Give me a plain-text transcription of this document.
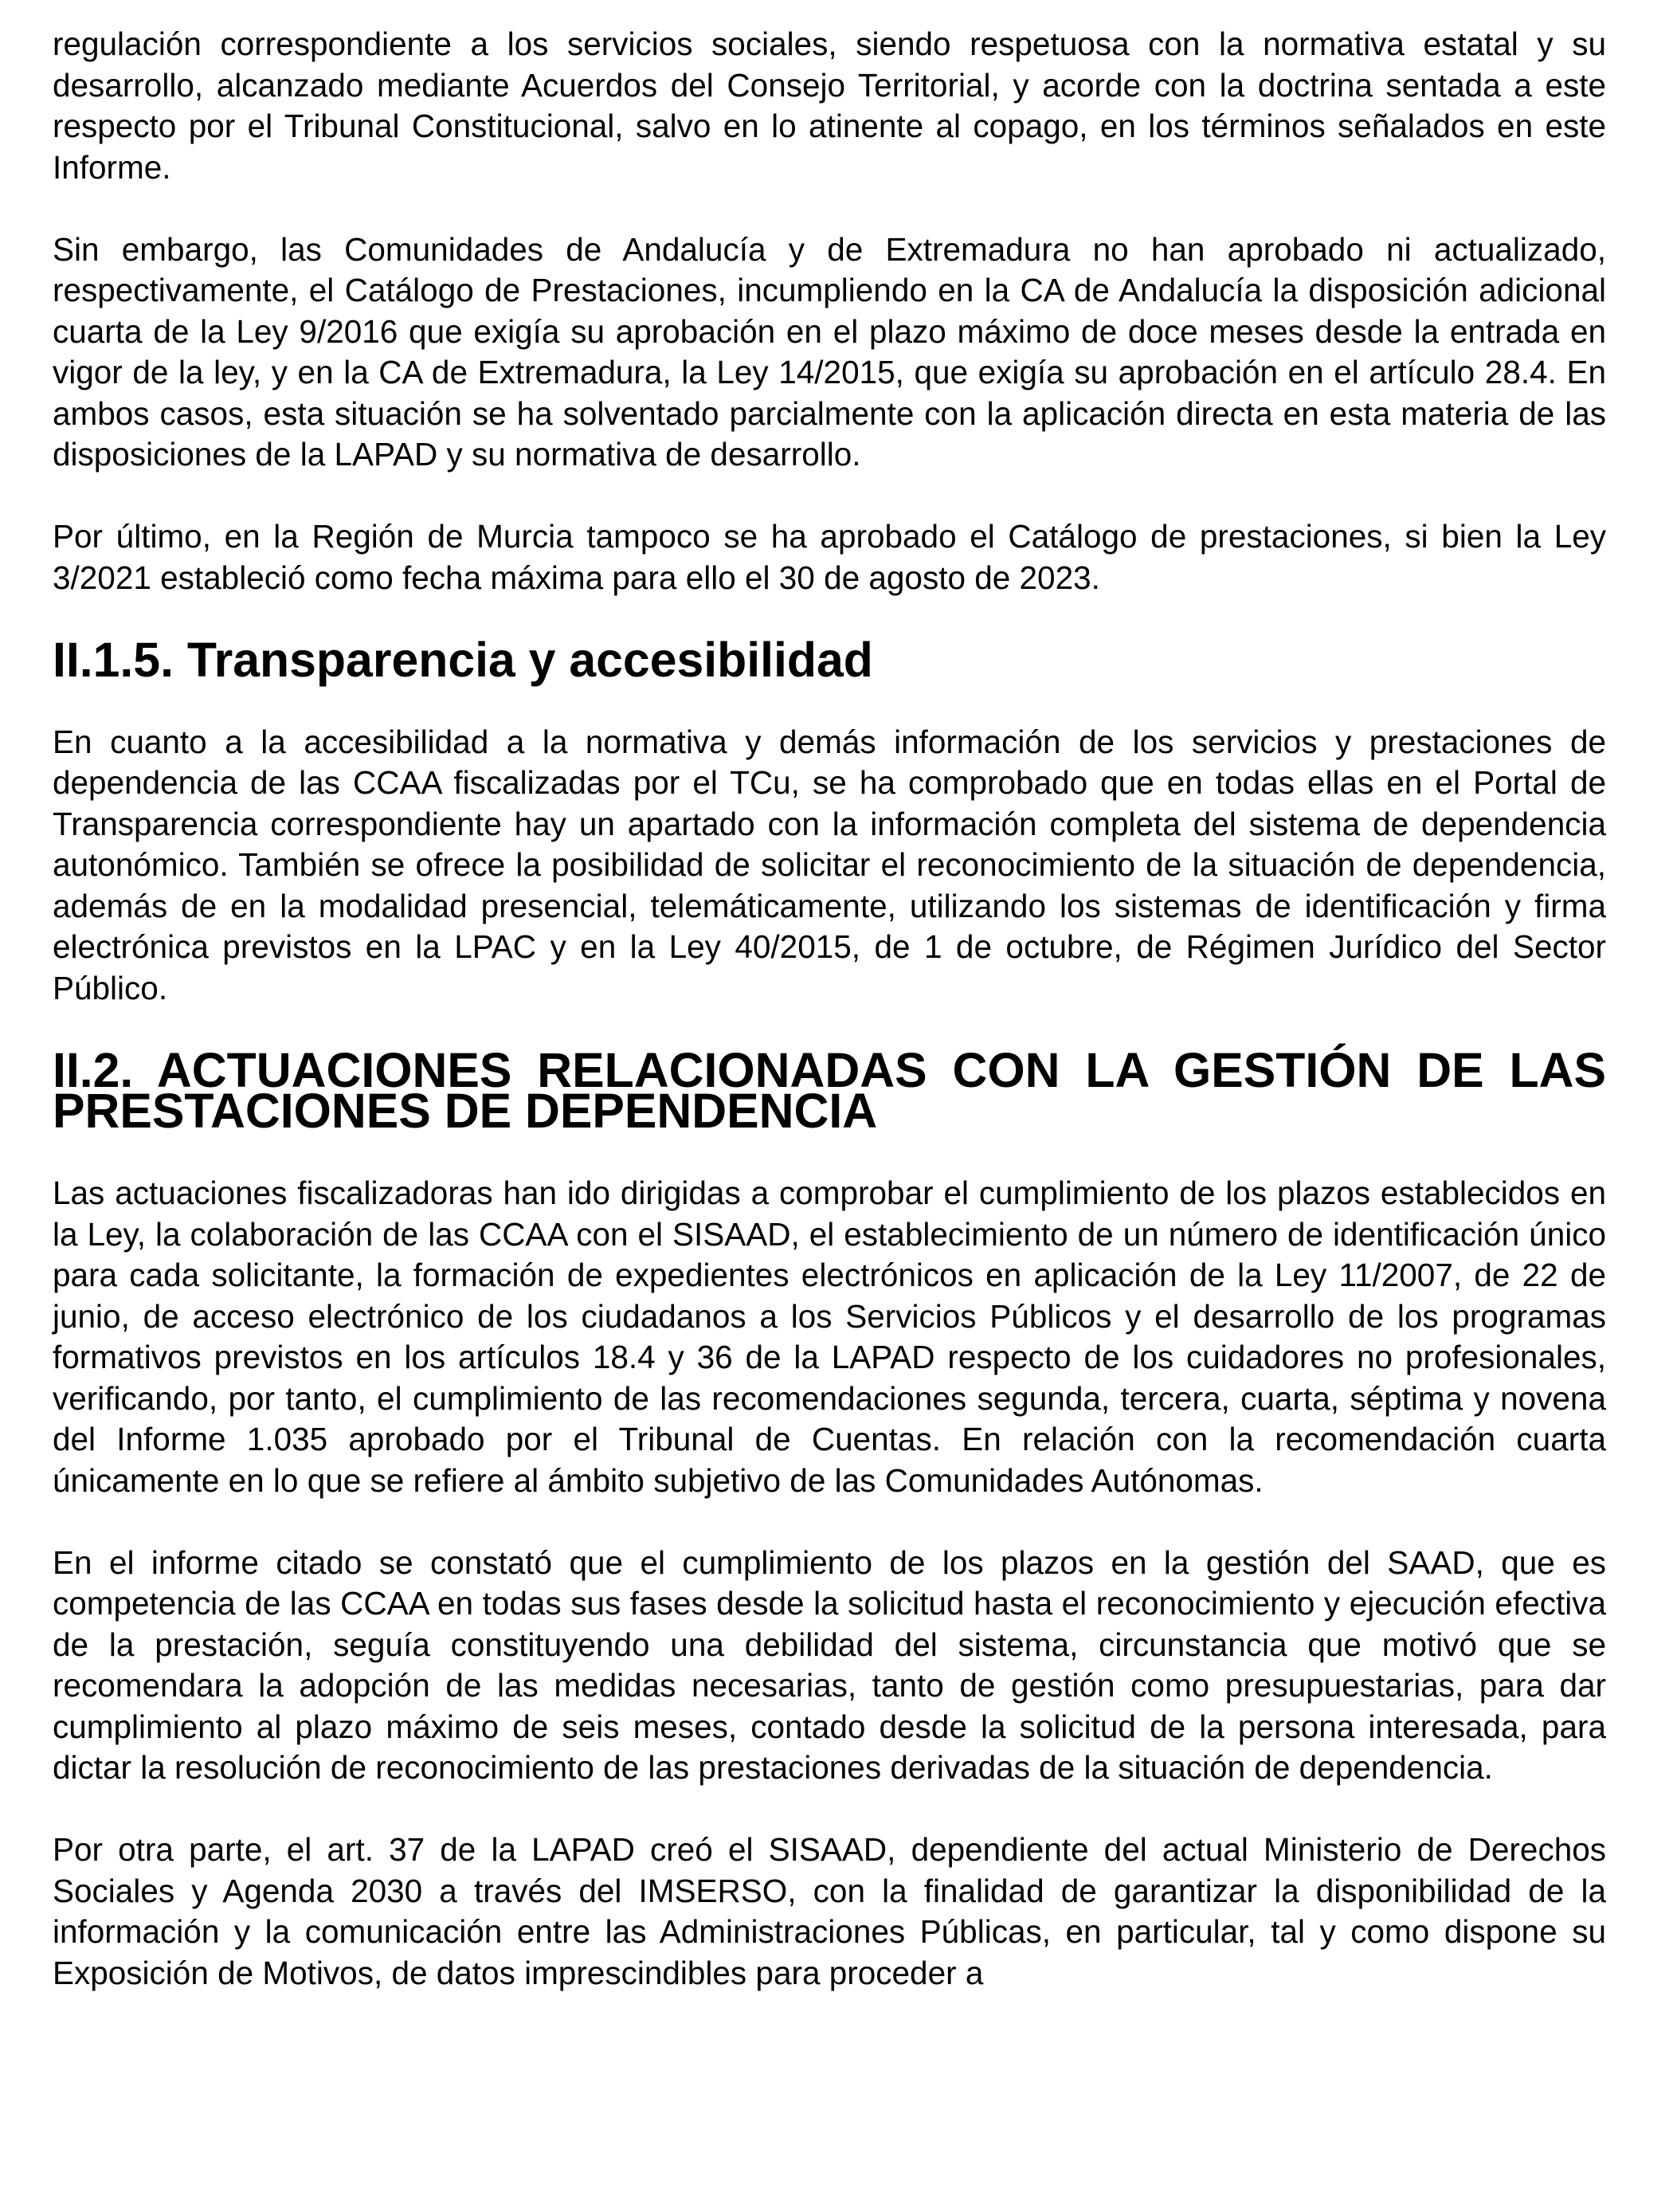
regulación correspondiente a los servicios sociales, siendo respetuosa con la normativa estatal y su desarrollo, alcanzado mediante Acuerdos del Consejo Territorial, y acorde con la doctrina sentada a este respecto por el Tribunal Constitucional, salvo en lo atinente al copago, en los términos señalados en este Informe.

Sin embargo, las Comunidades de Andalucía y de Extremadura no han aprobado ni actualizado, respectivamente, el Catálogo de Prestaciones, incumpliendo en la CA de Andalucía la disposición adicional cuarta de la Ley 9/2016 que exigía su aprobación en el plazo máximo de doce meses desde la entrada en vigor de la ley, y en la CA de Extremadura, la Ley 14/2015, que exigía su aprobación en el artículo 28.4. En ambos casos, esta situación se ha solventado parcialmente con la aplicación directa en esta materia de las disposiciones de la LAPAD y su normativa de desarrollo.

Por último, en la Región de Murcia tampoco se ha aprobado el Catálogo de prestaciones, si bien la Ley 3/2021 estableció como fecha máxima para ello el 30 de agosto de 2023.

II.1.5. Transparencia y accesibilidad

En cuanto a la accesibilidad a la normativa y demás información de los servicios y prestaciones de dependencia de las CCAA fiscalizadas por el TCu, se ha comprobado que en todas ellas en el Portal de Transparencia correspondiente hay un apartado con la información completa del sistema de dependencia autonómico. También se ofrece la posibilidad de solicitar el reconocimiento de la situación de dependencia, además de en la modalidad presencial, telemáticamente, utilizando los sistemas de identificación y firma electrónica previstos en la LPAC y en la Ley 40/2015, de 1 de octubre, de Régimen Jurídico del Sector Público.

II.2. ACTUACIONES RELACIONADAS CON LA GESTIÓN DE LAS PRESTACIONES DE DEPENDENCIA

Las actuaciones fiscalizadoras han ido dirigidas a comprobar el cumplimiento de los plazos establecidos en la Ley, la colaboración de las CCAA con el SISAAD, el establecimiento de un número de identificación único para cada solicitante, la formación de expedientes electrónicos en aplicación de la Ley 11/2007, de 22 de junio, de acceso electrónico de los ciudadanos a los Servicios Públicos y el desarrollo de los programas formativos previstos en los artículos 18.4 y 36 de la LAPAD respecto de los cuidadores no profesionales, verificando, por tanto, el cumplimiento de las recomendaciones segunda, tercera, cuarta, séptima y novena del Informe 1.035 aprobado por el Tribunal de Cuentas. En relación con la recomendación cuarta únicamente en lo que se refiere al ámbito subjetivo de las Comunidades Autónomas.

En el informe citado se constató que el cumplimiento de los plazos en la gestión del SAAD, que es competencia de las CCAA en todas sus fases desde la solicitud hasta el reconocimiento y ejecución efectiva de la prestación, seguía constituyendo una debilidad del sistema, circunstancia que motivó que se recomendara la adopción de las medidas necesarias, tanto de gestión como presupuestarias, para dar cumplimiento al plazo máximo de seis meses, contado desde la solicitud de la persona interesada, para dictar la resolución de reconocimiento de las prestaciones derivadas de la situación de dependencia.

Por otra parte, el art. 37 de la LAPAD creó el SISAAD, dependiente del actual Ministerio de Derechos Sociales y Agenda 2030 a través del IMSERSO, con la finalidad de garantizar la disponibilidad de la información y la comunicación entre las Administraciones Públicas, en particular, tal y como dispone su Exposición de Motivos, de datos imprescindibles para proceder a
